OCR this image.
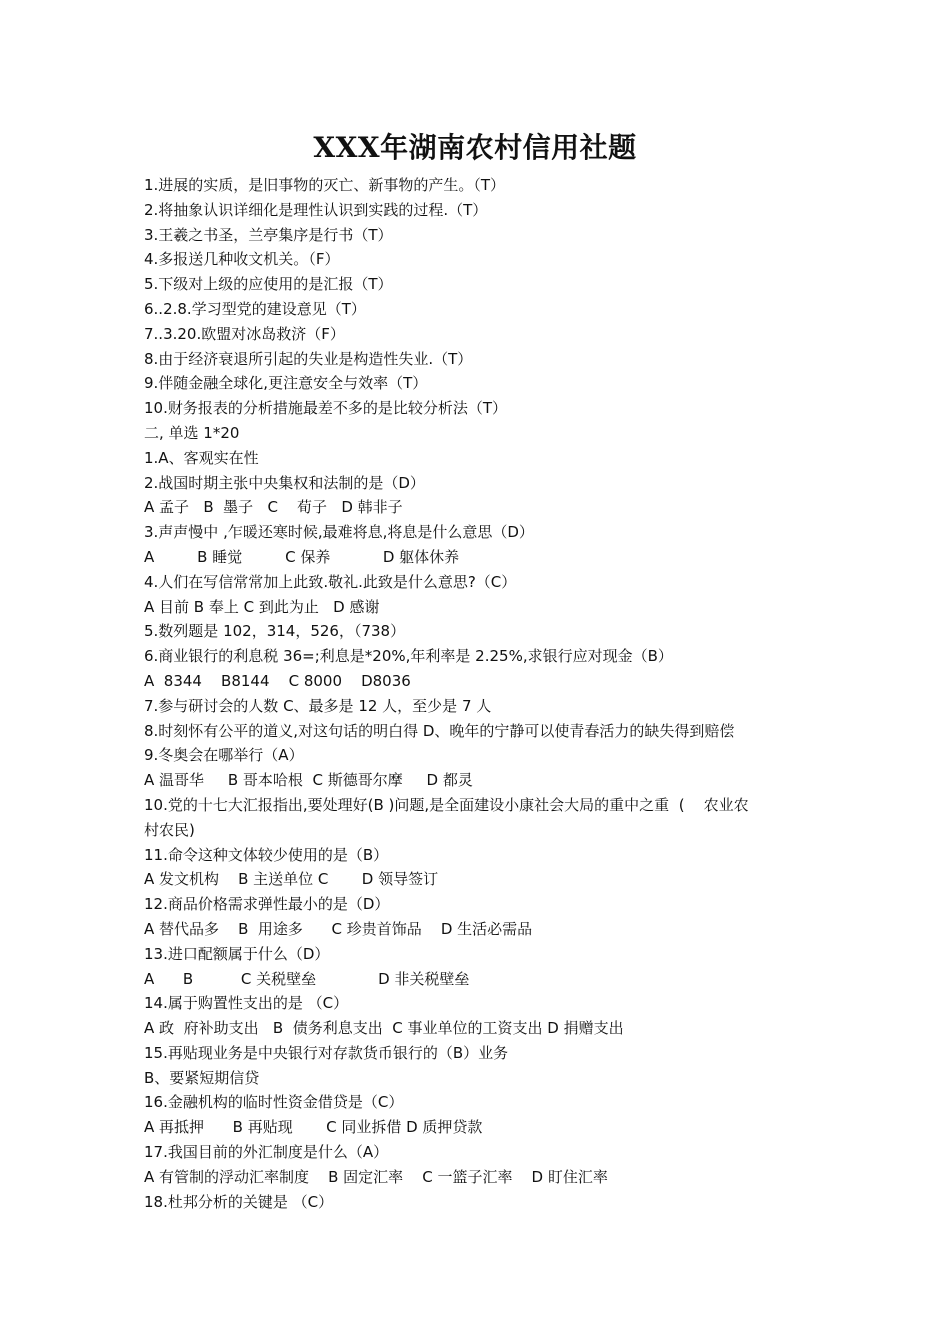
XXX年湖南农村信用社题
1.进展的实质，是旧事物的灭亡、新事物的产生。（T）
2.将抽象认识详细化是理性认识到实践的过程.（T）
3.王羲之书圣，兰亭集序是行书（T）
4.多报送几种收文机关。（F）
5.下级对上级的应使用的是汇报（T）
6..2.8.学习型党的建设意见（T）
7..3.20.欧盟对冰岛救济（F）
8.由于经济衰退所引起的失业是构造性失业.（T）
9.伴随金融全球化,更注意安全与效率（T）
10.财务报表的分析措施最差不多的是比较分析法（T）
二, 单选 1*20
1.A、客观实在性
2.战国时期主张中央集权和法制的是（D）
A 孟子   B  墨子   C    荀子   D 韩非子
3.声声慢中 ,乍暖还寒时候,最难将息,将息是什么意思（D）
A         B 睡觉         C 保养           D 躯体休养
4.人们在写信常常加上此致.敬礼.此致是什么意思?（C）
A 目前 B 奉上 C 到此为止   D 感谢
5.数列题是 102，314，526，（738）
6.商业银行的利息税 36=;利息是*20%,年利率是 2.25%,求银行应对现金（B）
A  8344    B8144    C 8000    D8036
7.参与研讨会的人数 C、最多是 12 人，至少是 7 人
8.时刻怀有公平的道义,对这句话的明白得 D、晚年的宁静可以使青春活力的缺失得到赔偿
9.冬奥会在哪举行（A）
A 温哥华     B 哥本哈根  C 斯德哥尔摩     D 都灵
10.党的十七大汇报指出,要处理好(B )问题,是全面建设小康社会大局的重中之重  (    农业农
村农民)
11.命令这种文体较少使用的是（B）
A 发文机构    B 主送单位 C       D 领导签订
12.商品价格需求弹性最小的是（D）
A 替代品多    B  用途多      C 珍贵首饰品    D 生活必需品
13.进口配额属于什么（D）
A      B          C 关税壁垒             D 非关税壁垒
14.属于购置性支出的是 （C）
A 政  府补助支出   B  债务利息支出  C 事业单位的工资支出 D 捐赠支出
15.再贴现业务是中央银行对存款货币银行的（B）业务
B、要紧短期信贷
16.金融机构的临时性资金借贷是（C）
A 再抵押      B 再贴现       C 同业拆借 D 质押贷款
17.我国目前的外汇制度是什么（A）
A 有管制的浮动汇率制度    B 固定汇率    C 一篮子汇率    D 盯住汇率
18.杜邦分析的关键是 （C）
